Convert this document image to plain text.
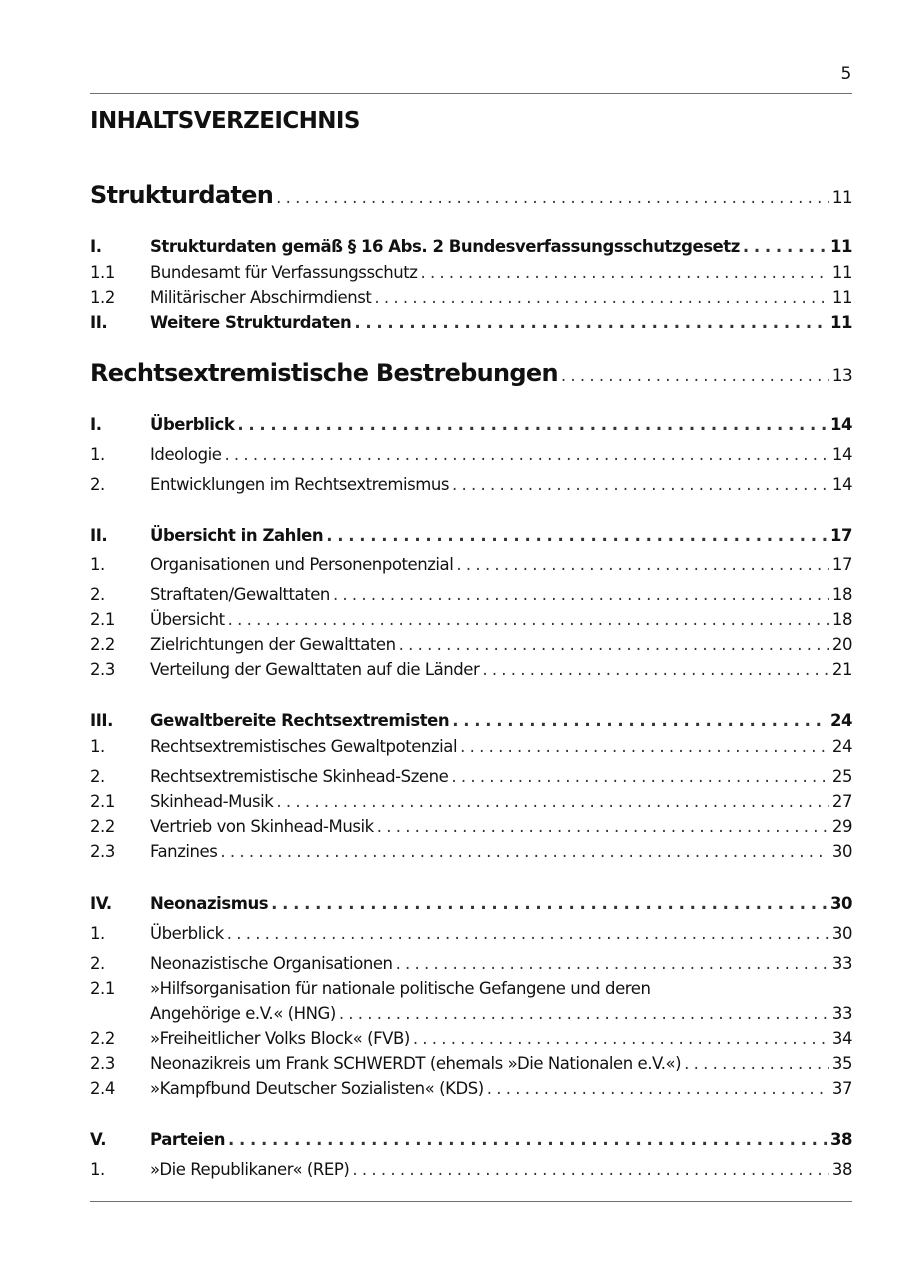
5
INHALTSVERZEICHNIS
Strukturdaten . . .	11
I.	Strukturdaten gemäß § 16 Abs. 2 Bundesverfassungsschutzgesetz . . .	11
1.1	Bundesamt für Verfassungsschutz . . .	11
1.2	Militärischer Abschirmdienst . . .	11
II.	Weitere Strukturdaten . . .	11
Rechtsextremistische Bestrebungen . . .	13
I.	Überblick . . .	14
1.	Ideologie . . .	14
2.	Entwicklungen im Rechtsextremismus . . .	14
II.	Übersicht in Zahlen . . .	17
1.	Organisationen und Personenpotenzial . . .	17
2.	Straftaten/Gewalttaten . . .	18
2.1	Übersicht . . .	18
2.2	Zielrichtungen der Gewalttaten . . .	20
2.3	Verteilung der Gewalttaten auf die Länder . . .	21
III.	Gewaltbereite Rechtsextremisten . . .	24
1.	Rechtsextremistisches Gewaltpotenzial . . .	24
2.	Rechtsextremistische Skinhead-Szene . . .	25
2.1	Skinhead-Musik . . .	27
2.2	Vertrieb von Skinhead-Musik . . .	29
2.3	Fanzines . . .	30
IV.	Neonazismus . . .	30
1.	Überblick . . .	30
2.	Neonazistische Organisationen . . .	33
2.1	»Hilfsorganisation für nationale politische Gefangene und deren
Angehörige e.V.« (HNG) . . .	33
2.2	»Freiheitlicher Volks Block« (FVB) . . .	34
2.3	Neonazikreis um Frank SCHWERDT (ehemals »Die Nationalen e.V.«) . . .	35
2.4	»Kampfbund Deutscher Sozialisten« (KDS) . . .	37
V.	Parteien . . .	38
1.	»Die Republikaner« (REP) . . .	38
